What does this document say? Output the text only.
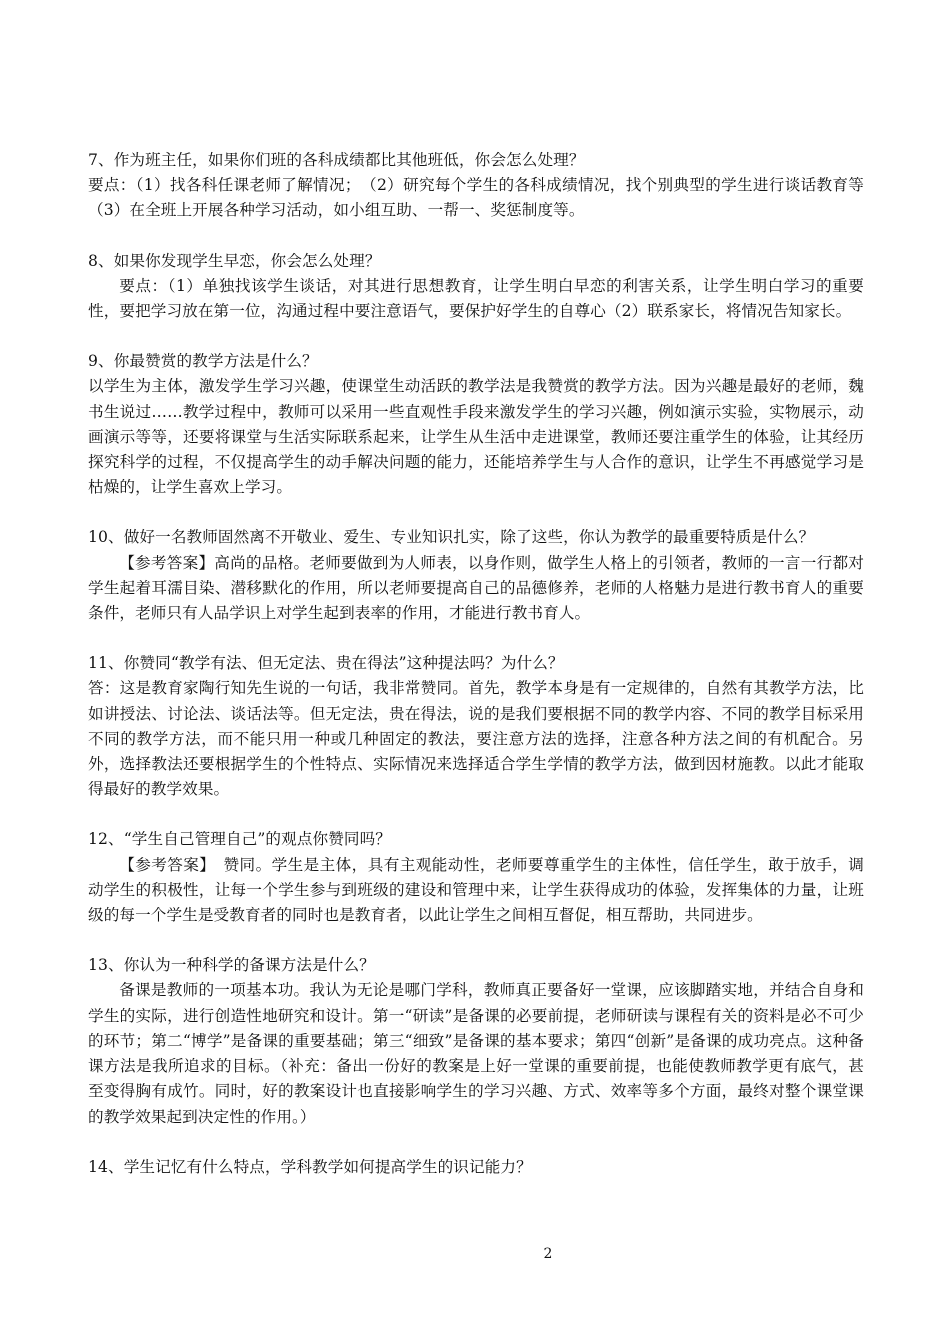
7、作为班主任，如果你们班的各科成绩都比其他班低，你会怎么处理？

要点：（1）找各科任课老师了解情况；　（2）研究每个学生的各科成绩情况，找个别典型的学生进行谈话教育等　（3）在全班上开展各种学习活动，如小组互助、一帮一、奖惩制度等。

8、如果你发现学生早恋，你会怎么处理？

要点：（1）单独找该学生谈话，对其进行思想教育，让学生明白早恋的利害关系，让学生明白学习的重要性，要把学习放在第一位，沟通过程中要注意语气，要保护好学生的自尊心（2）联系家长，将情况告知家长。

9、你最赞赏的教学方法是什么？

以学生为主体，激发学生学习兴趣，使课堂生动活跃的教学法是我赞赏的教学方法。因为兴趣是最好的老师，魏书生说过……教学过程中，教师可以采用一些直观性手段来激发学生的学习兴趣，例如演示实验，实物展示，动画演示等等，还要将课堂与生活实际联系起来，让学生从生活中走进课堂，教师还要注重学生的体验，让其经历探究科学的过程，不仅提高学生的动手解决问题的能力，还能培养学生与人合作的意识，让学生不再感觉学习是枯燥的，让学生喜欢上学习。

10、做好一名教师固然离不开敬业、爱生、专业知识扎实，除了这些，你认为教学的最重要特质是什么？

【参考答案】高尚的品格。老师要做到为人师表，以身作则，做学生人格上的引领者，教师的一言一行都对学生起着耳濡目染、潜移默化的作用，所以老师要提高自己的品德修养，老师的人格魅力是进行教书育人的重要条件，老师只有人品学识上对学生起到表率的作用，才能进行教书育人。

11、你赞同“教学有法、但无定法、贵在得法”这种提法吗？为什么？

答：这是教育家陶行知先生说的一句话，我非常赞同。首先，教学本身是有一定规律的，自然有其教学方法，比如讲授法、讨论法、谈话法等。但无定法，贵在得法，说的是我们要根据不同的教学内容、不同的教学目标采用不同的教学方法，而不能只用一种或几种固定的教法，要注意方法的选择，注意各种方法之间的有机配合。另外，选择教法还要根据学生的个性特点、实际情况来选择适合学生学情的教学方法，做到因材施教。以此才能取得最好的教学效果。

12、“学生自己管理自己”的观点你赞同吗？

【参考答案】　赞同。学生是主体，具有主观能动性，老师要尊重学生的主体性，信任学生，敢于放手，调动学生的积极性，让每一个学生参与到班级的建设和管理中来，让学生获得成功的体验，发挥集体的力量，让班级的每一个学生是受教育者的同时也是教育者，以此让学生之间相互督促，相互帮助，共同进步。

13、你认为一种科学的备课方法是什么？

备课是教师的一项基本功。我认为无论是哪门学科，教师真正要备好一堂课，应该脚踏实地，并结合自身和学生的实际，进行创造性地研究和设计。第一“研读”是备课的必要前提，老师研读与课程有关的资料是必不可少的环节；第二“博学”是备课的重要基础；第三“细致”是备课的基本要求；第四“创新”是备课的成功亮点。这种备课方法是我所追求的目标。（补充：备出一份好的教案是上好一堂课的重要前提，也能使教师教学更有底气，甚至变得胸有成竹。同时，好的教案设计也直接影响学生的学习兴趣、方式、效率等多个方面，最终对整个课堂课的教学效果起到决定性的作用。）

14、学生记忆有什么特点，学科教学如何提高学生的识记能力？

2
